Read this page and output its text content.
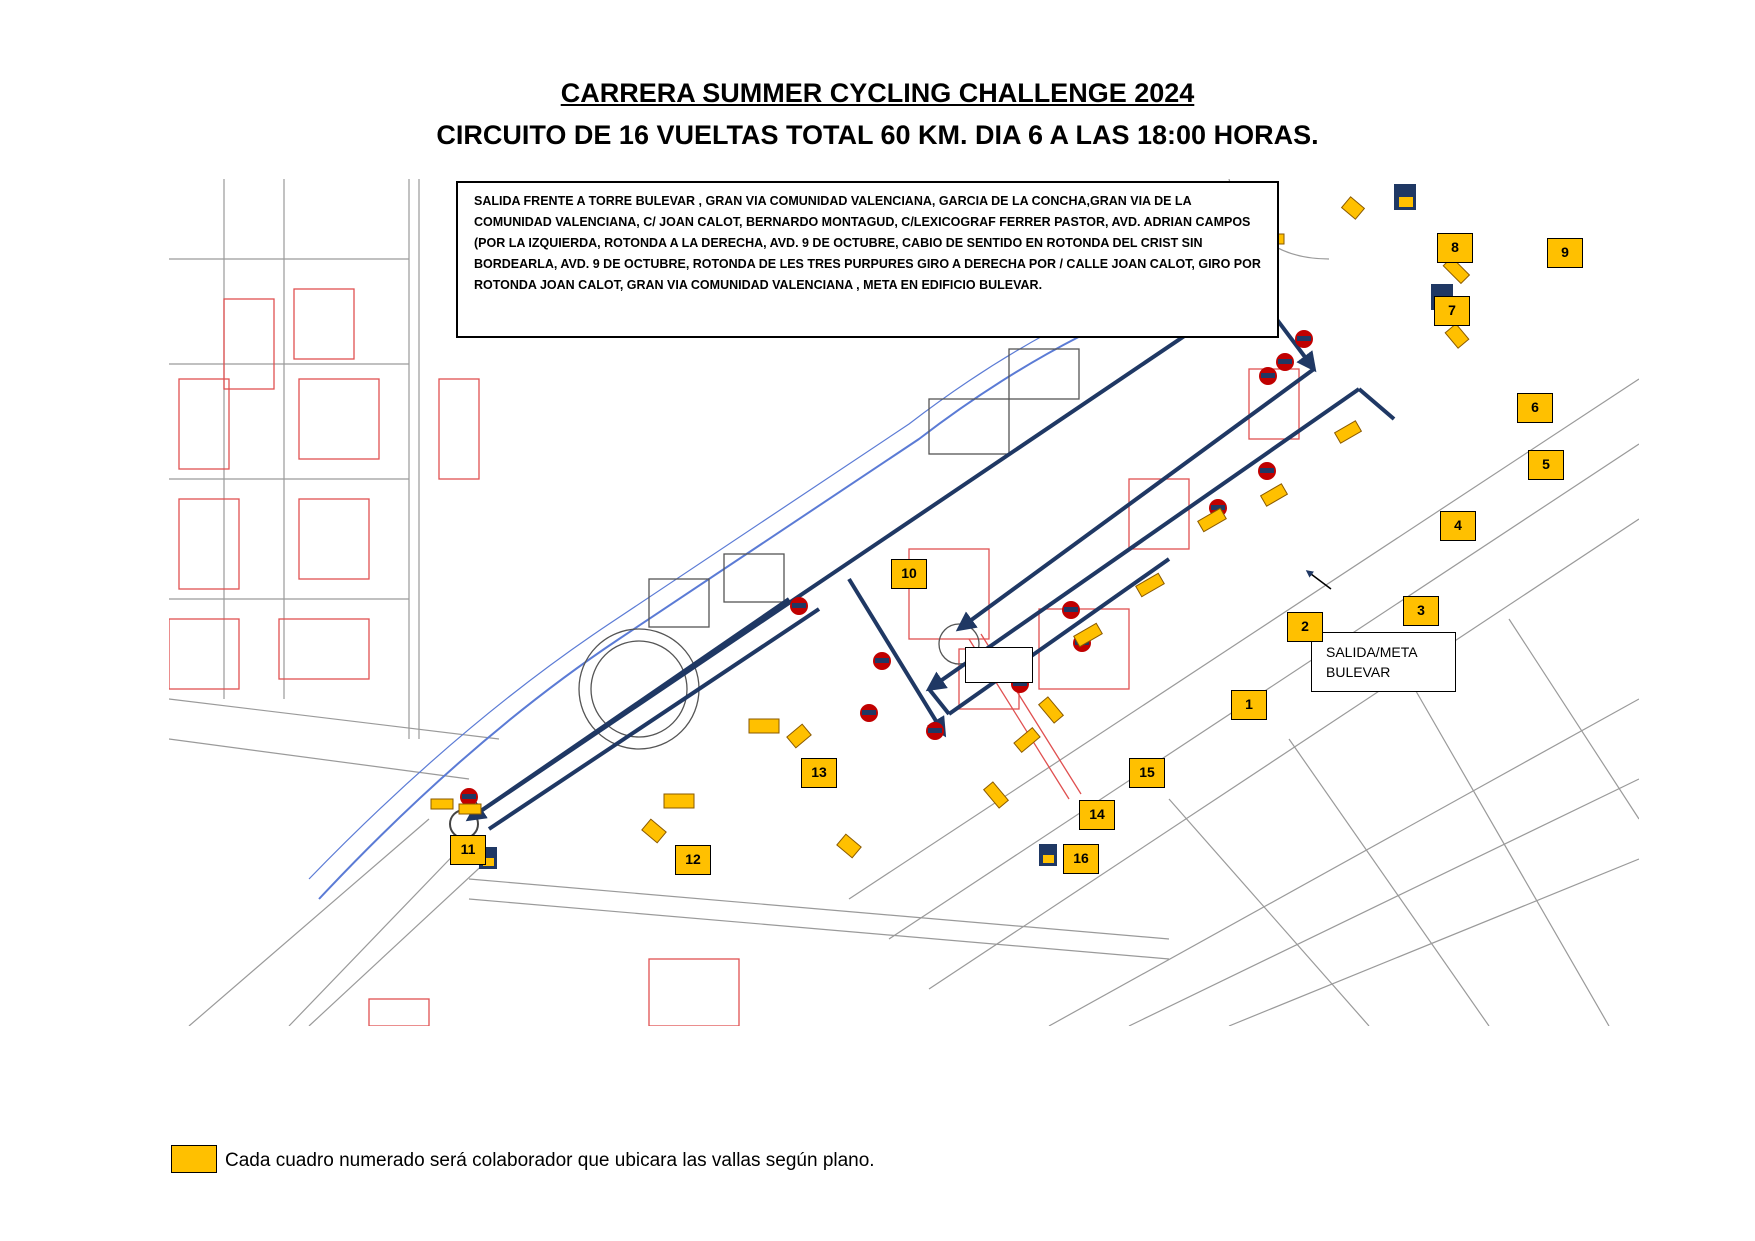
CARRERA SUMMER CYCLING CHALLENGE 2024
CIRCUITO DE 16 VUELTAS TOTAL 60 KM. DIA 6 A LAS 18:00 HORAS.
SALIDA FRENTE A TORRE BULEVAR , GRAN VIA COMUNIDAD VALENCIANA, GARCIA DE LA CONCHA,GRAN VIA DE LA COMUNIDAD VALENCIANA, C/ JOAN CALOT, BERNARDO MONTAGUD, C/LEXICOGRAF FERRER PASTOR, AVD. ADRIAN CAMPOS (POR LA IZQUIERDA, ROTONDA A LA DERECHA, AVD. 9 DE OCTUBRE, CABIO DE SENTIDO EN ROTONDA DEL CRIST SIN BORDEARLA, AVD. 9 DE OCTUBRE, ROTONDA DE LES TRES PURPURES GIRO A DERECHA POR / CALLE JOAN CALOT, GIRO POR ROTONDA JOAN CALOT, GRAN VIA COMUNIDAD VALENCIANA , META EN EDIFICIO BULEVAR.
SALIDA/META
BULEVAR
1
2
3
4
5
6
7
8	9
10
11
12
13
14
15
16
Cada cuadro numerado será colaborador que ubicara las vallas según plano.
